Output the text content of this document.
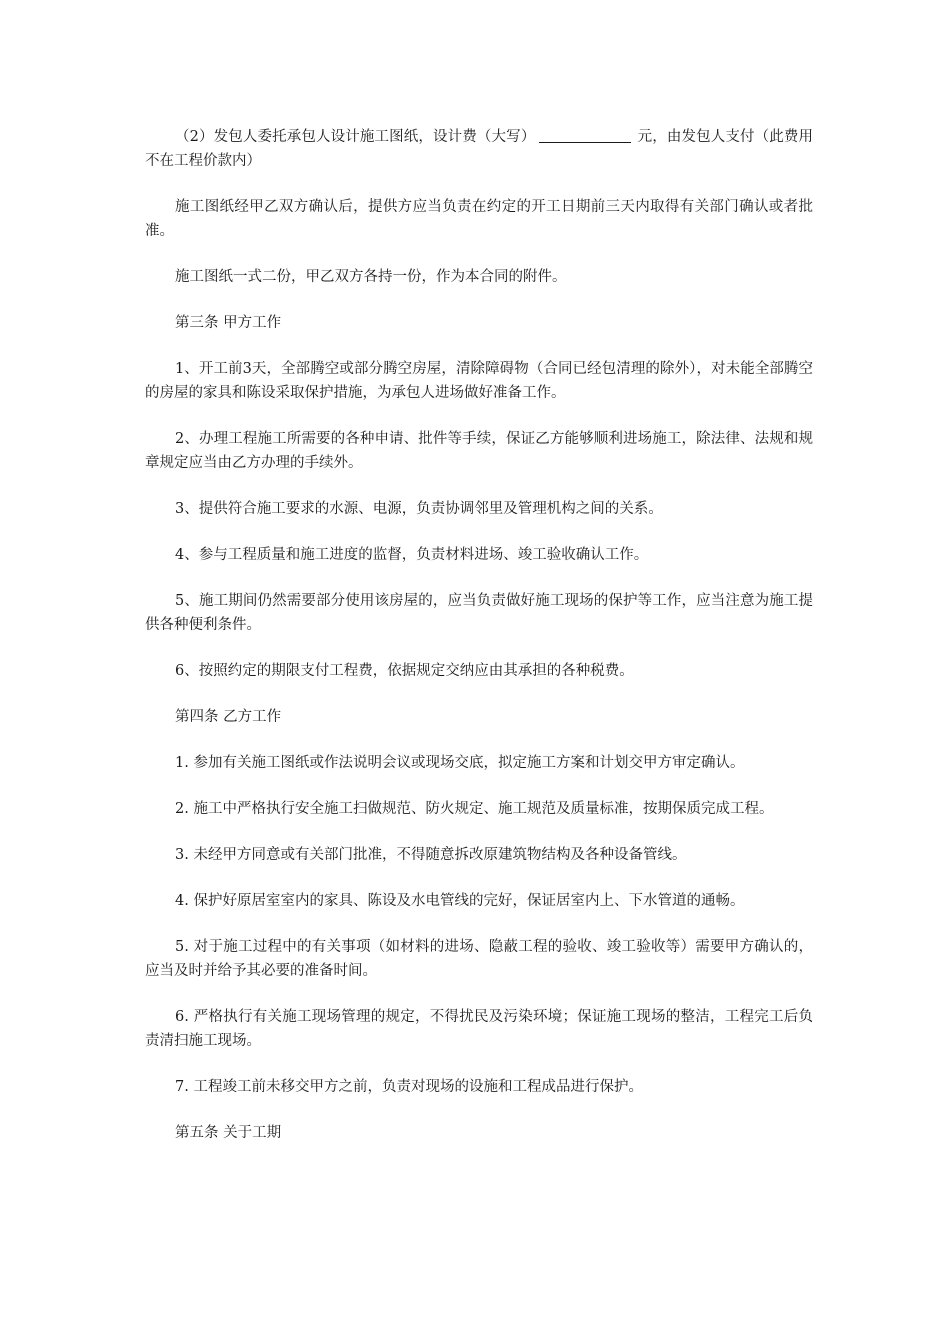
（2）发包人委托承包人设计施工图纸，设计费（大写）	元，由发包人支付（此费用不在工程价款内）

施工图纸经甲乙双方确认后，提供方应当负责在约定的开工日期前三天内取得有关部门确认或者批准。

施工图纸一式二份，甲乙双方各持一份，作为本合同的附件。

第三条 甲方工作

1、开工前3天，全部腾空或部分腾空房屋，清除障碍物（合同已经包清理的除外），对未能全部腾空的房屋的家具和陈设采取保护措施，为承包人进场做好准备工作。

2、办理工程施工所需要的各种申请、批件等手续，保证乙方能够顺利进场施工，除法律、法规和规章规定应当由乙方办理的手续外。

3、提供符合施工要求的水源、电源，负责协调邻里及管理机构之间的关系。

4、参与工程质量和施工进度的监督，负责材料进场、竣工验收确认工作。

5、施工期间仍然需要部分使用该房屋的，应当负责做好施工现场的保护等工作，应当注意为施工提供各种便利条件。

6、按照约定的期限支付工程费，依据规定交纳应由其承担的各种税费。

第四条 乙方工作

1. 参加有关施工图纸或作法说明会议或现场交底，拟定施工方案和计划交甲方审定确认。

2. 施工中严格执行安全施工扫做规范、防火规定、施工规范及质量标准，按期保质完成工程。

3. 未经甲方同意或有关部门批准，不得随意拆改原建筑物结构及各种设备管线。

4. 保护好原居室室内的家具、陈设及水电管线的完好，保证居室内上、下水管道的通畅。

5. 对于施工过程中的有关事项（如材料的进场、隐蔽工程的验收、竣工验收等）需要甲方确认的，应当及时并给予其必要的准备时间。

6. 严格执行有关施工现场管理的规定，不得扰民及污染环境；保证施工现场的整洁，工程完工后负责清扫施工现场。

7. 工程竣工前未移交甲方之前，负责对现场的设施和工程成品进行保护。

第五条 关于工期
